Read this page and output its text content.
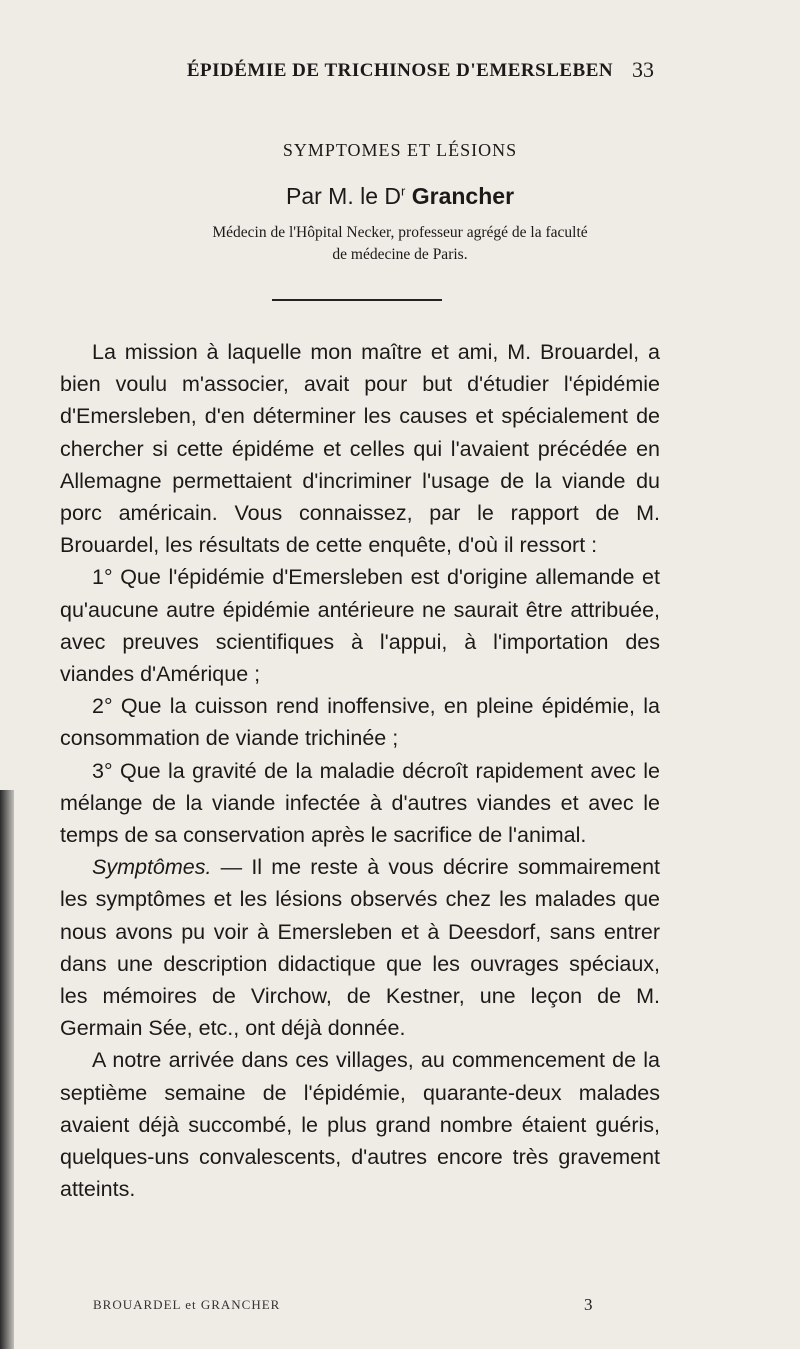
ÉPIDÉMIE DE TRICHINOSE D'EMERSLEBEN 33
SYMPTOMES ET LÉSIONS
Par M. le $D^r$ Grancher
Médecin de l'Hôpital Necker, professeur agrégé de la faculté
de médecine de Paris.

La mission à laquelle mon maître et ami, M. Brouardel, a bien voulu m'associer, avait pour but d'étudier l'épidémie d'Emersleben, d'en déterminer les causes et spécialement de chercher si cette épidéme et celles qui l'avaient précédée en Allemagne permettaient d'incriminer l'usage de la viande du porc américain. Vous connaissez, par le rapport de M. Brouardel, les résultats de cette enquête, d'où il ressort :

1° Que l'épidémie d'Emersleben est d'origine allemande et qu'aucune autre épidémie antérieure ne saurait être attribuée, avec preuves scientifiques à l'appui, à l'importation des viandes d'Amérique ;

2° Que la cuisson rend inoffensive, en pleine épidémie, la consommation de viande trichinée ;

3° Que la gravité de la maladie décroît rapidement avec le mélange de la viande infectée à d'autres viandes et avec le temps de sa conservation après le sacrifice de l'animal.

Symptômes. — Il me reste à vous décrire sommairement les symptômes et les lésions observés chez les malades que nous avons pu voir à Emersleben et à Deesdorf, sans entrer dans une description didactique que les ouvrages spéciaux, les mémoires de Virchow, de Kestner, une leçon de M. Germain Sée, etc., ont déjà donnée.

A notre arrivée dans ces villages, au commencement de la septième semaine de l'épidémie, quarante-deux malades avaient déjà succombé, le plus grand nombre étaient guéris, quelques-uns convalescents, d'autres encore très gravement atteints.

BROUARDEL et GRANCHER	3
